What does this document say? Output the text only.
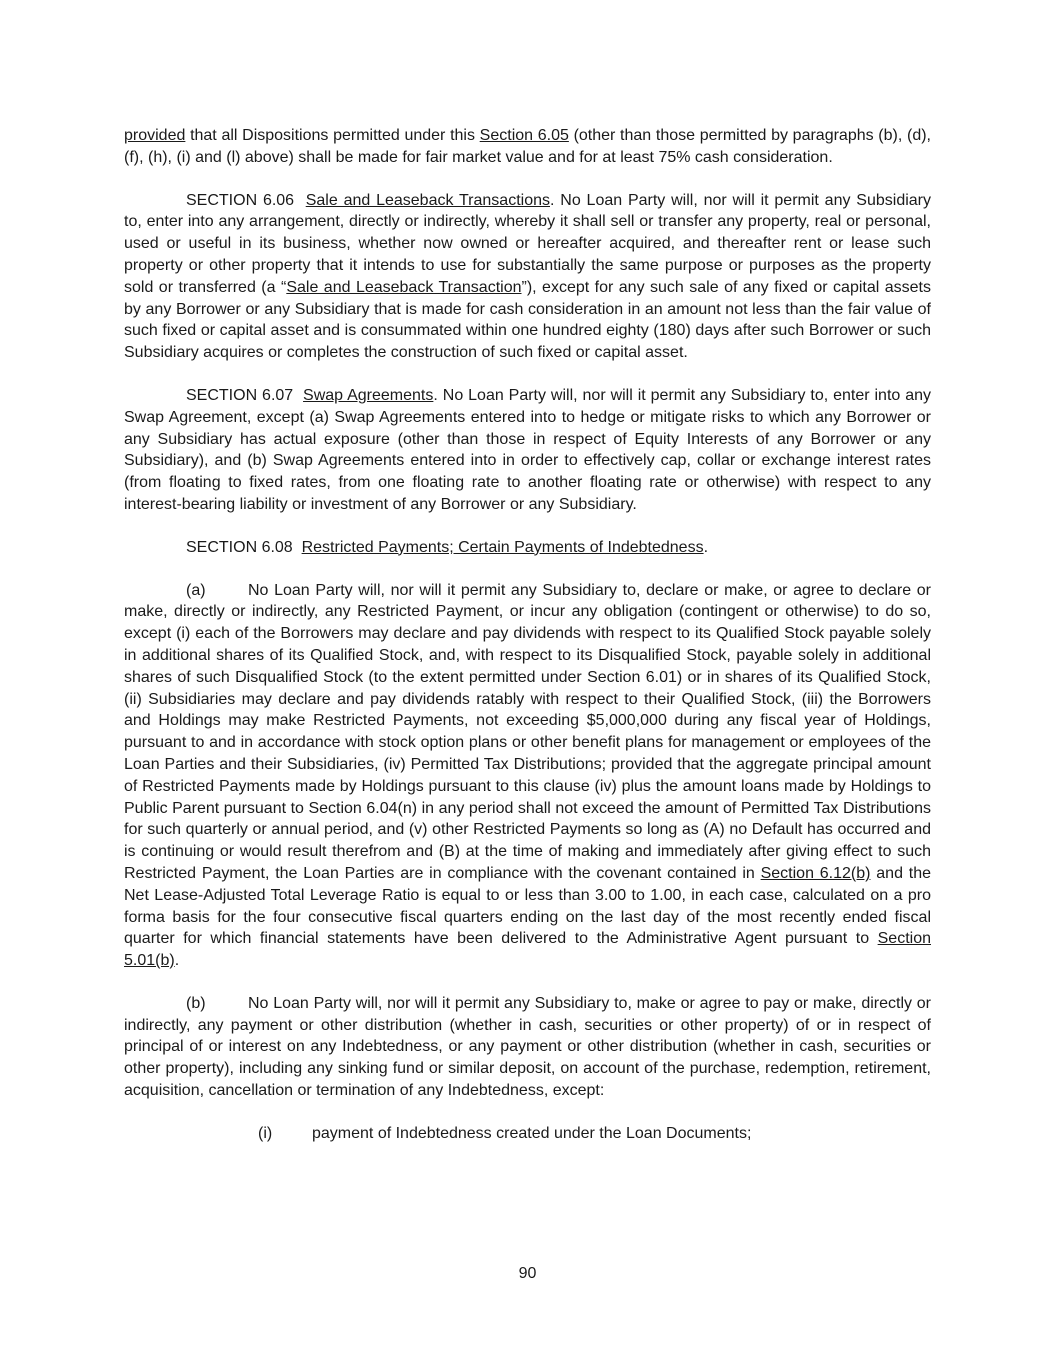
provided that all Dispositions permitted under this Section 6.05 (other than those permitted by paragraphs (b), (d), (f), (h), (i) and (l) above) shall be made for fair market value and for at least 75% cash consideration.

SECTION 6.06 Sale and Leaseback Transactions. No Loan Party will, nor will it permit any Subsidiary to, enter into any arrangement, directly or indirectly, whereby it shall sell or transfer any property, real or personal, used or useful in its business, whether now owned or hereafter acquired, and thereafter rent or lease such property or other property that it intends to use for substantially the same purpose or purposes as the property sold or transferred (a “Sale and Leaseback Transaction”), except for any such sale of any fixed or capital assets by any Borrower or any Subsidiary that is made for cash consideration in an amount not less than the fair value of such fixed or capital asset and is consummated within one hundred eighty (180) days after such Borrower or such Subsidiary acquires or completes the construction of such fixed or capital asset.

SECTION 6.07 Swap Agreements. No Loan Party will, nor will it permit any Subsidiary to, enter into any Swap Agreement, except (a) Swap Agreements entered into to hedge or mitigate risks to which any Borrower or any Subsidiary has actual exposure (other than those in respect of Equity Interests of any Borrower or any Subsidiary), and (b) Swap Agreements entered into in order to effectively cap, collar or exchange interest rates (from floating to fixed rates, from one floating rate to another floating rate or otherwise) with respect to any interest-bearing liability or investment of any Borrower or any Subsidiary.

SECTION 6.08 Restricted Payments; Certain Payments of Indebtedness.

(a)	No Loan Party will, nor will it permit any Subsidiary to, declare or make, or agree to declare or make, directly or indirectly, any Restricted Payment, or incur any obligation (contingent or otherwise) to do so, except (i) each of the Borrowers may declare and pay dividends with respect to its Qualified Stock payable solely in additional shares of its Qualified Stock, and, with respect to its Disqualified Stock, payable solely in additional shares of such Disqualified Stock (to the extent permitted under Section 6.01) or in shares of its Qualified Stock, (ii) Subsidiaries may declare and pay dividends ratably with respect to their Qualified Stock, (iii) the Borrowers and Holdings may make Restricted Payments, not exceeding $5,000,000 during any fiscal year of Holdings, pursuant to and in accordance with stock option plans or other benefit plans for management or employees of the Loan Parties and their Subsidiaries, (iv) Permitted Tax Distributions; provided that the aggregate principal amount of Restricted Payments made by Holdings pursuant to this clause (iv) plus the amount loans made by Holdings to Public Parent pursuant to Section 6.04(n) in any period shall not exceed the amount of Permitted Tax Distributions for such quarterly or annual period, and (v) other Restricted Payments so long as (A) no Default has occurred and is continuing or would result therefrom and (B) at the time of making and immediately after giving effect to such Restricted Payment, the Loan Parties are in compliance with the covenant contained in Section 6.12(b) and the Net Lease-Adjusted Total Leverage Ratio is equal to or less than 3.00 to 1.00, in each case, calculated on a pro forma basis for the four consecutive fiscal quarters ending on the last day of the most recently ended fiscal quarter for which financial statements have been delivered to the Administrative Agent pursuant to Section 5.01(b).

(b)	No Loan Party will, nor will it permit any Subsidiary to, make or agree to pay or make, directly or indirectly, any payment or other distribution (whether in cash, securities or other property) of or in respect of principal of or interest on any Indebtedness, or any payment or other distribution (whether in cash, securities or other property), including any sinking fund or similar deposit, on account of the purchase, redemption, retirement, acquisition, cancellation or termination of any Indebtedness, except:

(i) payment of Indebtedness created under the Loan Documents;

90
